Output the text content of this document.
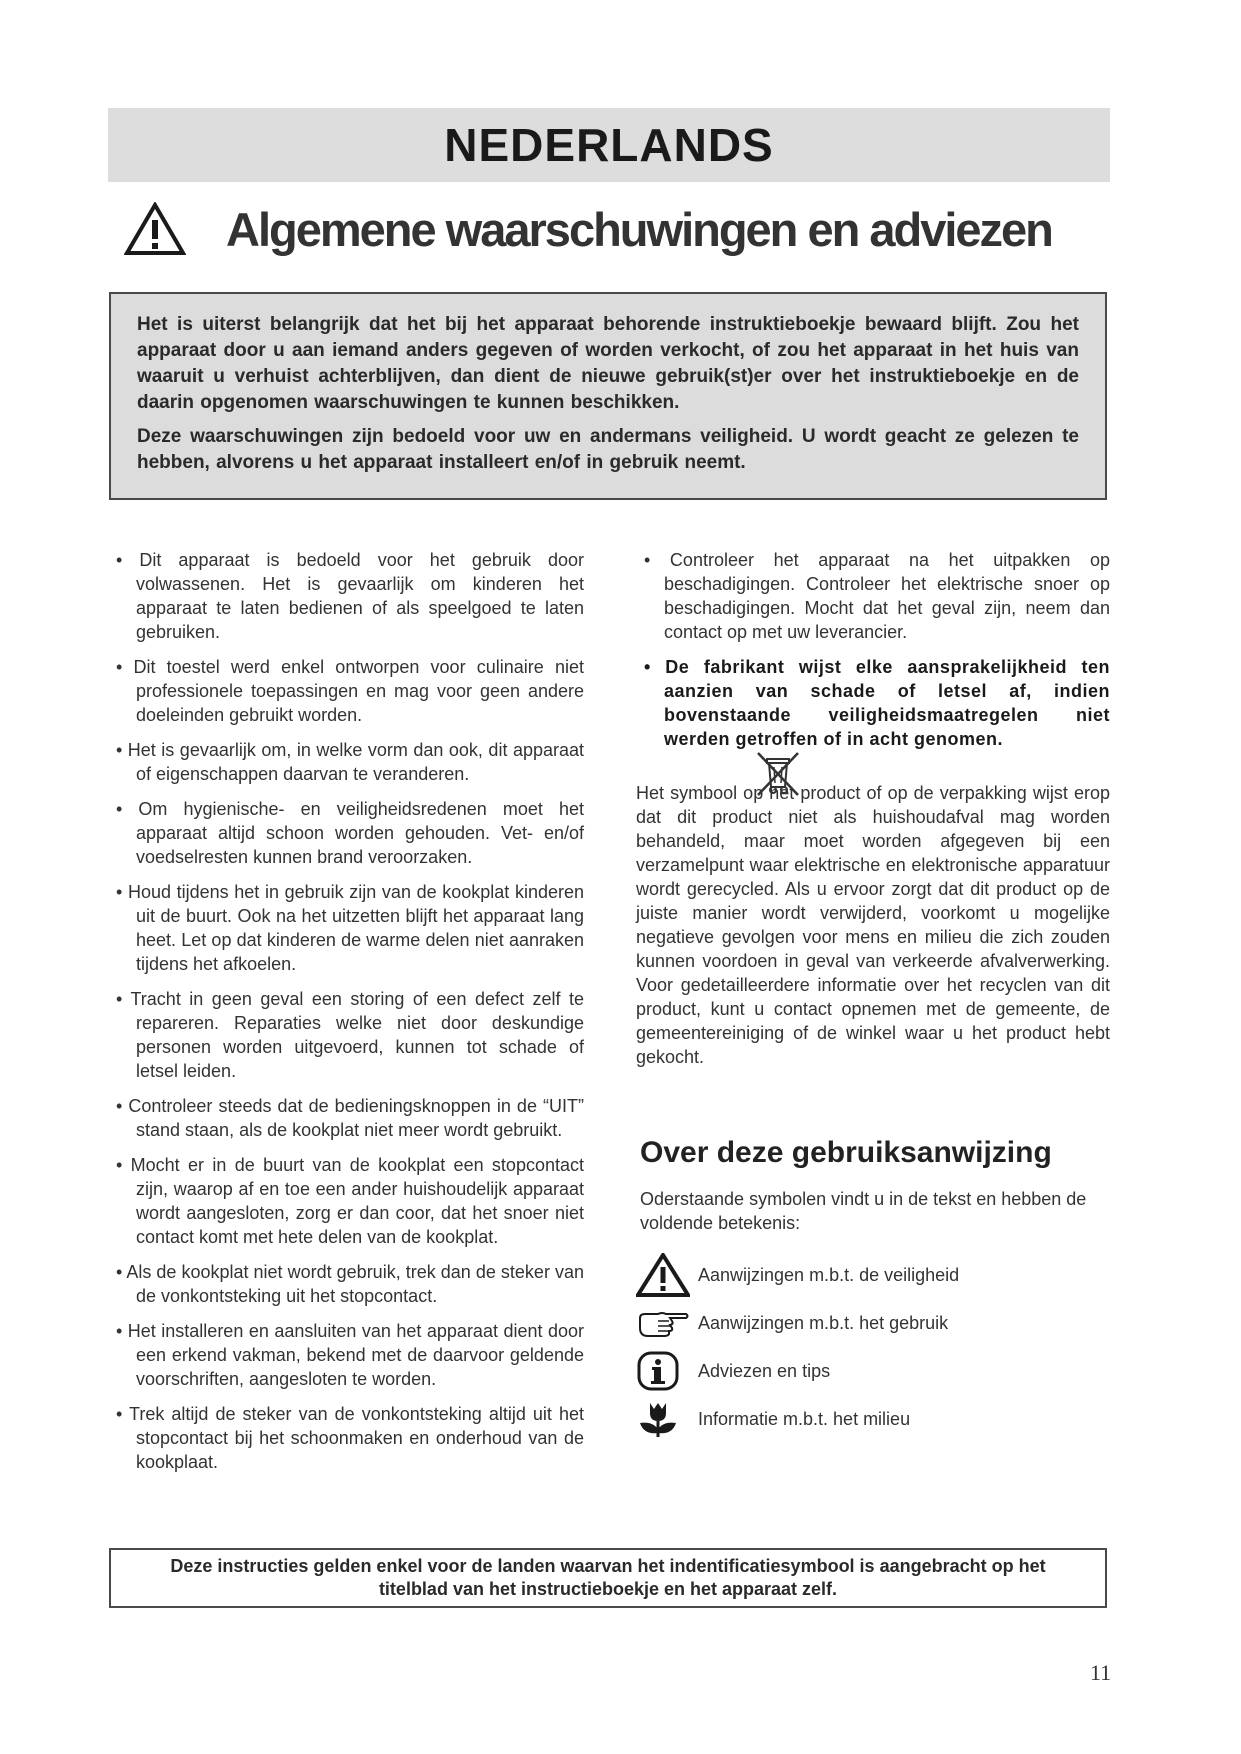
NEDERLANDS
Algemene waarschuwingen en adviezen

Het is uiterst belangrijk dat het bij het apparaat behorende instruktieboekje bewaard blijft. Zou het apparaat door u aan iemand anders gegeven of worden verkocht, of zou het apparaat in het huis van waaruit u verhuist achterblijven, dan dient de nieuwe gebruik(st)er over het instruktieboekje en de daarin opgenomen waarschuwingen te kunnen beschikken.

Deze waarschuwingen zijn bedoeld voor uw en andermans veiligheid. U wordt geacht ze gelezen te hebben, alvorens u het apparaat installeert en/of in gebruik neemt.

• Dit apparaat is bedoeld voor het gebruik door volwassenen. Het is gevaarlijk om kinderen het apparaat te laten bedienen of als speelgoed te laten gebruiken.

• Dit toestel werd enkel ontworpen voor culinaire niet professionele toepassingen en mag voor geen andere doeleinden gebruikt worden.

• Het is gevaarlijk om, in welke vorm dan ook, dit apparaat of eigenschappen daarvan te veranderen.

• Om hygienische- en veiligheidsredenen moet het apparaat altijd schoon worden gehouden. Vet- en/of voedselresten kunnen brand veroorzaken.

• Houd tijdens het in gebruik zijn van de kookplat kinderen uit de buurt. Ook na het uitzetten blijft het apparaat lang heet. Let op dat kinderen de warme delen niet aanraken tijdens het afkoelen.

• Tracht in geen geval een storing of een defect zelf te repareren. Reparaties welke niet door deskundige personen worden uitgevoerd, kunnen tot schade of letsel leiden.

• Controleer steeds dat de bedieningsknoppen in de “UIT” stand staan, als de kookplat niet meer wordt gebruikt.

• Mocht er in de buurt van de kookplat een stopcontact zijn, waarop af en toe een ander huishoudelijk apparaat wordt aangesloten, zorg er dan coor, dat het snoer niet contact komt met hete delen van de kookplat.

• Als de kookplat niet wordt gebruik, trek dan de steker van de vonkontsteking uit het stopcontact.

• Het installeren en aansluiten van het apparaat dient door een erkend vakman, bekend met de daarvoor geldende voorschriften, aangesloten te worden.

• Trek altijd de steker van de vonkontsteking altijd uit het stopcontact bij het schoonmaken en onderhoud van de kookplaat.

• Controleer het apparaat na het uitpakken op beschadigingen. Controleer het elektrische snoer op beschadigingen. Mocht dat het geval zijn, neem dan contact op met uw leverancier.

• De fabrikant wijst elke aansprakelijkheid ten aanzien van schade of letsel af, indien bovenstaande veiligheidsmaatregelen niet werden getroffen of in acht genomen.

Het symbool op het product of op de verpakking wijst erop dat dit product niet als huishoudafval mag worden behandeld, maar moet worden afgegeven bij een verzamelpunt waar elektrische en elektronische apparatuur wordt gerecycled. Als u ervoor zorgt dat dit product op de juiste manier wordt verwijderd, voorkomt u mogelijke negatieve gevolgen voor mens en milieu die zich zouden kunnen voordoen in geval van verkeerde afvalverwerking. Voor gedetailleerdere informatie over het recyclen van dit product, kunt u contact opnemen met de gemeente, de gemeentereiniging of de winkel waar u het product hebt gekocht.

Over deze gebruiksanwijzing
Oderstaande symbolen vindt u in de tekst en hebben de voldende betekenis:
Aanwijzingen m.b.t. de veiligheid
Aanwijzingen m.b.t. het gebruik
Adviezen en tips
Informatie m.b.t. het milieu
Deze instructies gelden enkel voor de landen waarvan het indentificatiesymbool is aangebracht op het titelblad van het instructieboekje en het apparaat zelf.
11
